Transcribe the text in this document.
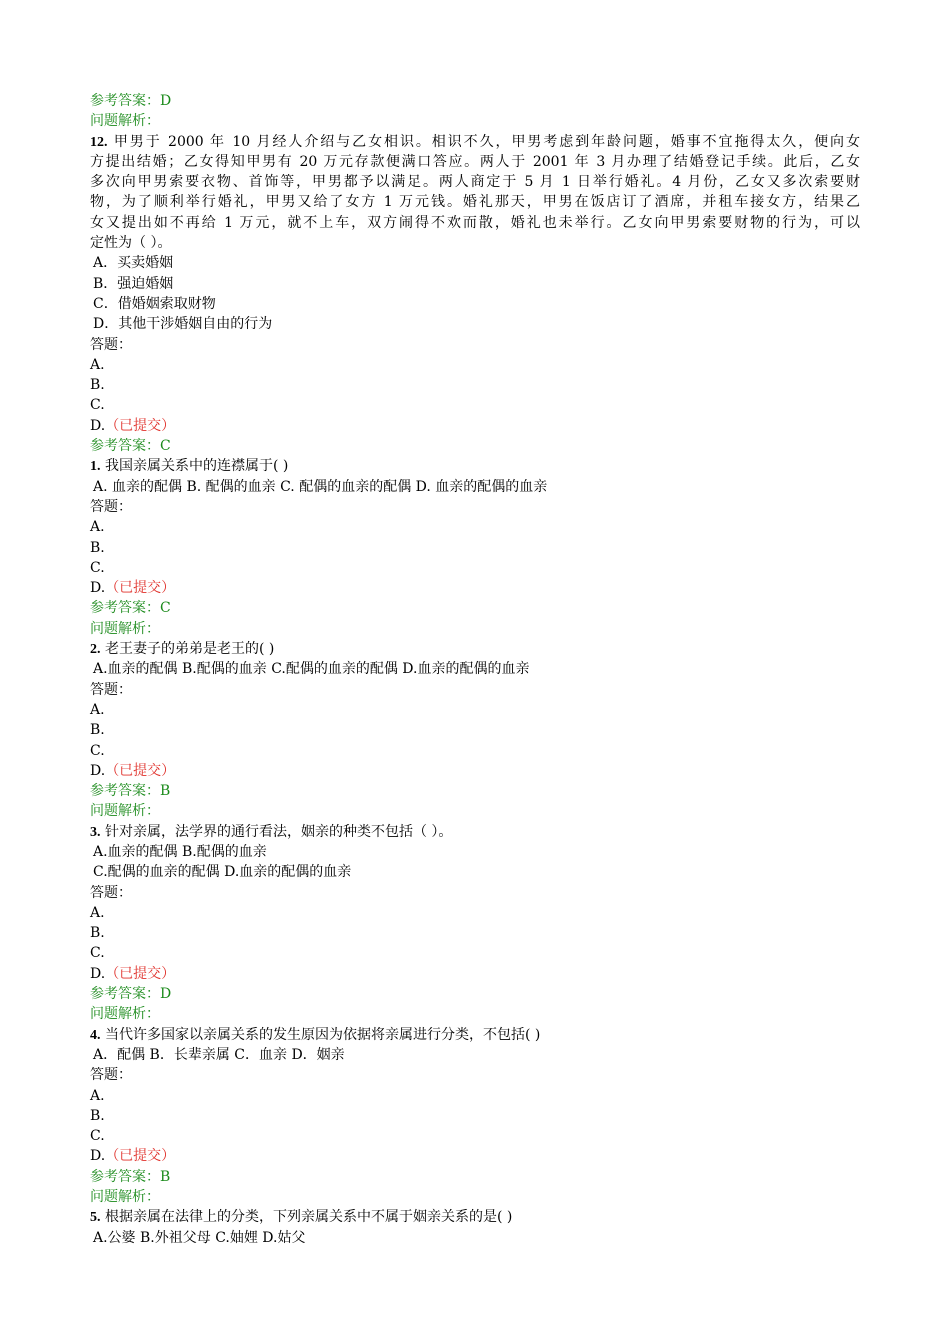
参考答案：D
问题解析：
12. 甲男于 2000 年 10 月经人介绍与乙女相识。相识不久，甲男考虑到年龄问题，婚事不宜拖得太久，便向女
方提出结婚；乙女得知甲男有 20 万元存款便满口答应。两人于 2001 年 3 月办理了结婚登记手续。此后，乙女
多次向甲男索要衣物、首饰等，甲男都予以满足。两人商定于 5 月 1 日举行婚礼。4 月份，乙女又多次索要财
物，为了顺利举行婚礼，甲男又给了女方 1 万元钱。婚礼那天，甲男在饭店订了酒席，并租车接女方，结果乙
女又提出如不再给 1 万元，就不上车，双方闹得不欢而散，婚礼也未举行。乙女向甲男索要财物的行为，可以
定性为（ ）。
A．买卖婚姻
B．强迫婚姻
C．借婚姻索取财物
D．其他干涉婚姻自由的行为
答题：
A.
B.
C.
D.（已提交）
参考答案：C
1. 我国亲属关系中的连襟属于( )
A. 血亲的配偶 B. 配偶的血亲 C. 配偶的血亲的配偶 D. 血亲的配偶的血亲
答题：
A.
B.
C.
D.（已提交）
参考答案：C
问题解析：
2. 老王妻子的弟弟是老王的( )
A.血亲的配偶 B.配偶的血亲 C.配偶的血亲的配偶 D.血亲的配偶的血亲
答题：
A.
B.
C.
D.（已提交）
参考答案：B
问题解析：
3. 针对亲属，法学界的通行看法，姻亲的种类不包括（ ）。
A.血亲的配偶 B.配偶的血亲
C.配偶的血亲的配偶 D.血亲的配偶的血亲
答题：
A.
B.
C.
D.（已提交）
参考答案：D
问题解析：
4. 当代许多国家以亲属关系的发生原因为依据将亲属进行分类，不包括( )
A．配偶 B．长辈亲属 C．血亲 D．姻亲
答题：
A.
B.
C.
D.（已提交）
参考答案：B
问题解析：
5. 根据亲属在法律上的分类，下列亲属关系中不属于姻亲关系的是( )
A.公婆 B.外祖父母 C.妯娌 D.姑父
